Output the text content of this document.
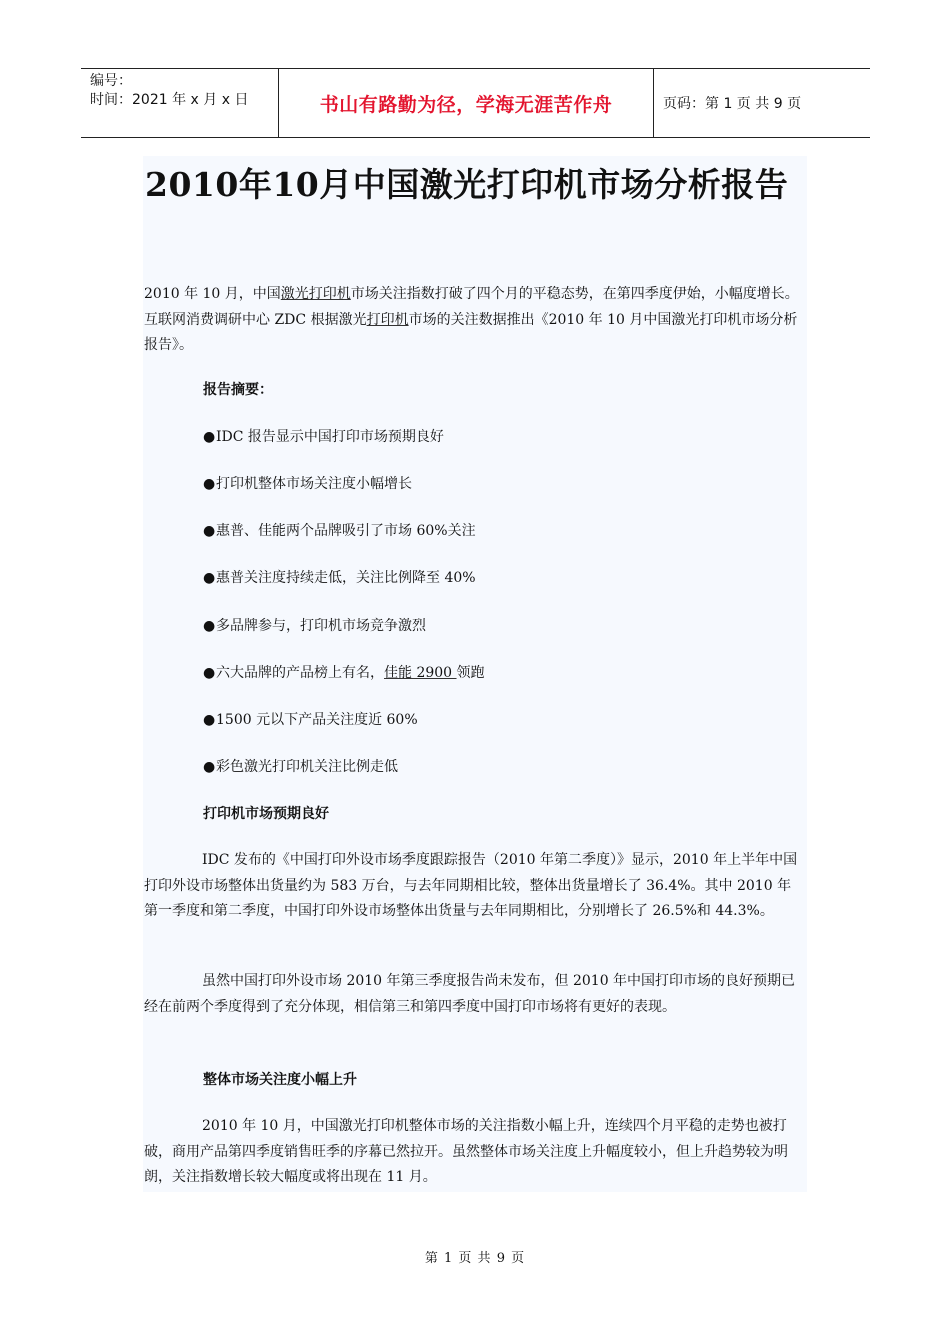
编号：
时间：2021 年 x 月 x 日	书山有路勤为径，学海无涯苦作舟	页码：第 1 页 共 9 页
2010年10月中国激光打印机市场分析报告

2010 年 10 月，中国激光打印机市场关注指数打破了四个月的平稳态势，在第四季度伊始，小幅度增长。互联网消费调研中心 ZDC 根据激光打印机市场的关注数据推出《2010 年 10 月中国激光打印机市场分析报告》。

报告摘要：

●IDC 报告显示中国打印市场预期良好

●打印机整体市场关注度小幅增长

●惠普、佳能两个品牌吸引了市场 60%关注

●惠普关注度持续走低，关注比例降至 40%

●多品牌参与，打印机市场竞争激烈

●六大品牌的产品榜上有名，佳能 2900 领跑

●1500 元以下产品关注度近 60%

●彩色激光打印机关注比例走低

打印机市场预期良好

IDC 发布的《中国打印外设市场季度跟踪报告（2010 年第二季度）》显示，2010 年上半年中国打印外设市场整体出货量约为 583 万台，与去年同期相比较，整体出货量增长了 36.4%。其中 2010 年第一季度和第二季度，中国打印外设市场整体出货量与去年同期相比，分别增长了 26.5%和 44.3%。

虽然中国打印外设市场 2010 年第三季度报告尚未发布，但 2010 年中国打印市场的良好预期已经在前两个季度得到了充分体现，相信第三和第四季度中国打印市场将有更好的表现。

整体市场关注度小幅上升

2010 年 10 月，中国激光打印机整体市场的关注指数小幅上升，连续四个月平稳的走势也被打破，商用产品第四季度销售旺季的序幕已然拉开。虽然整体市场关注度上升幅度较小，但上升趋势较为明朗，关注指数增长较大幅度或将出现在 11 月。

第 1 页 共 9 页
